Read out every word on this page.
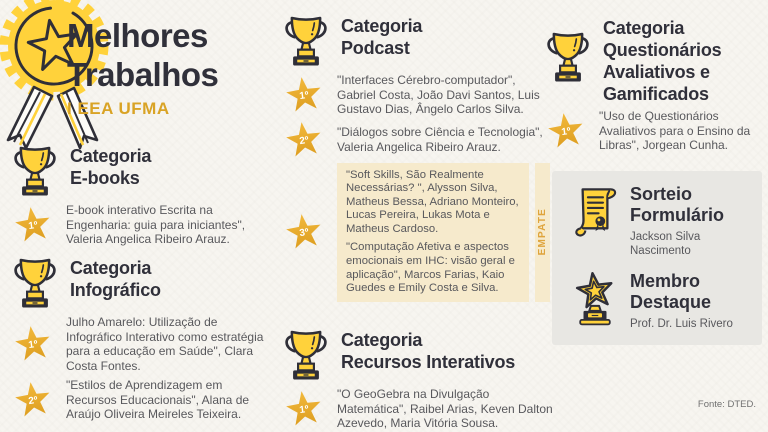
Melhores
Trabalhos
I EEA UFMA
Categoria
E-books
1º
E-book interativo Escrita na Engenharia: guia para iniciantes", Valeria Angelica Ribeiro Arauz.
Categoria
Infográfico
1º
Julho Amarelo: Utilização de Infográfico Interativo como estratégia para a educação em Saúde", Clara Costa Fontes.
2º
"Estilos de Aprendizagem em Recursos Educacionais", Alana de Araújo Oliveira Meireles Teixeira.
Categoria
Podcast
1º
"Interfaces Cérebro-computador", Gabriel Costa, João Davi Santos, Luis Gustavo Dias, Ângelo Carlos Silva.
2º
"Diálogos sobre Ciência e Tecnologia", Valeria Angelica Ribeiro Arauz.
3º

"Soft Skills, São Realmente Necessárias? ", Alysson Silva, Matheus Bessa, Adriano Monteiro, Lucas Pereira, Lukas Mota e Matheus Cardoso.

"Computação Afetiva e aspectos emocionais em IHC: visão geral e aplicação", Marcos Farias, Kaio Guedes e Emily Costa e Silva.

EMPATE
Categoria
Recursos Interativos
1º
"O GeoGebra na Divulgação Matemática", Raibel Arias, Keven Dalton Azevedo, Maria Vitória Sousa.
Categoria
Questionários Avaliativos e Gamificados
1º
"Uso de Questionários Avaliativos para o Ensino da Libras", Jorgean Cunha.
Sorteio Formulário
Jackson Silva Nascimento
Membro Destaque
Prof. Dr. Luis Rivero
Fonte: DTED.
